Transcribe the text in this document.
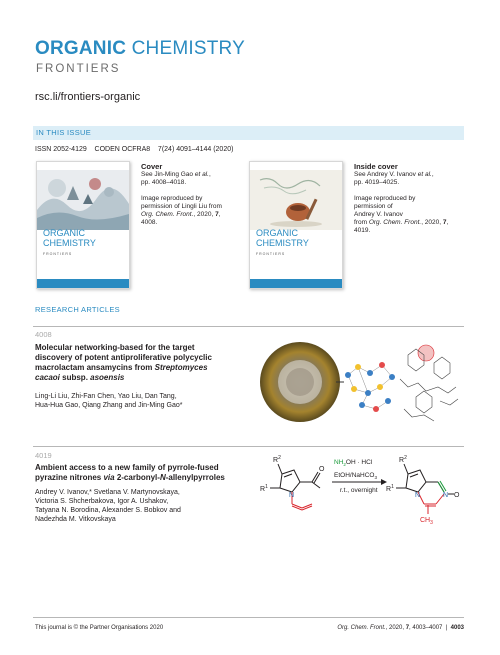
ORGANIC CHEMISTRY
FRONTIERS
rsc.li/frontiers-organic
IN THIS ISSUE
ISSN 2052-4129    CODEN OCFRA8    7(24) 4091–4144 (2020)
ORGANIC
CHEMISTRY
FRONTIERS
Cover
See Jin-Ming Gao et al.,
pp. 4008–4018.
Image reproduced by
permission of Lingli Liu from
Org. Chem. Front., 2020, 7,
4008.
ORGANIC
CHEMISTRY
FRONTIERS
Inside cover
See Andrey V. Ivanov et al.,
pp. 4019–4025.
Image reproduced by
permission of
Andrey V. Ivanov
from Org. Chem. Front., 2020, 7, 4019.
RESEARCH ARTICLES
4008
Molecular networking-based for the target
discovery of potent antiproliferative polycyclic
macrolactam ansamycins from Streptomyces
cacaoi subsp. asoensis
Ling-Li Liu, Zhi-Fan Chen, Yao Liu, Dan Tang,
Hua-Hua Gao, Qiang Zhang and Jin-Ming Gao*
4019
Ambient access to a new family of pyrrole-fused
pyrazine nitrones via 2-carbonyl-N-allenylpyrroles
Andrey V. Ivanov,* Svetlana V. Martynovskaya,
Victoria S. Shcherbakova, Igor A. Ushakov,
Tatyana N. Borodina, Alexander S. Bobkov and
Nadezhda M. Vitkovskaya
$R^2$
$R^1$
O
N
$NH_2OH$ · HCl
EtOH/NaHCO$_3$
r.t., overnight
$R^2$
$R^1$
N	N O
$CH_3$
This journal is © the Partner Organisations 2020	Org. Chem. Front., 2020, 7, 4003–4007  |  4003
